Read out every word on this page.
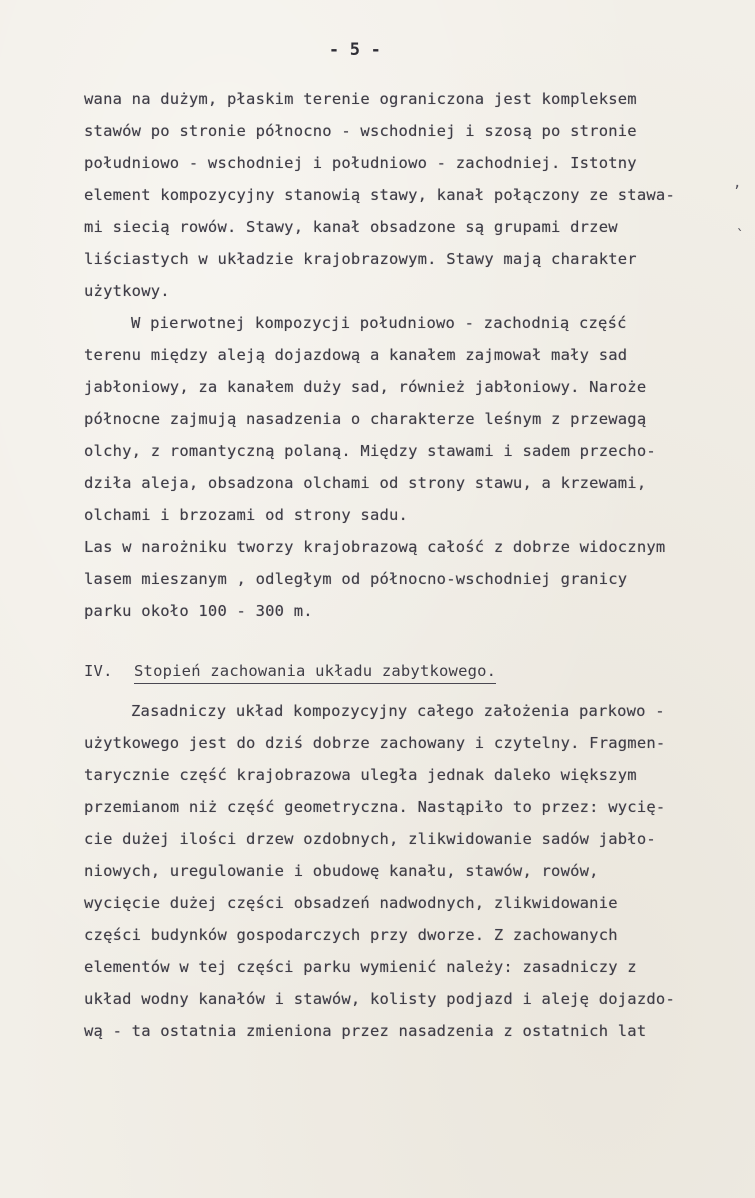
- 5 -
wana na dużym, płaskim terenie ograniczona jest kompleksem
stawów po stronie północno - wschodniej i szosą po stronie
południowo - wschodniej i południowo - zachodniej. Istotny
element kompozycyjny stanowią stawy, kanał połączony ze stawa-
mi siecią rowów. Stawy, kanał obsadzone są grupami drzew
liściastych w układzie krajobrazowym. Stawy mają charakter
użytkowy.
W pierwotnej kompozycji południowo - zachodnią część
terenu między aleją dojazdową a kanałem zajmował mały sad
jabłoniowy, za kanałem duży sad, również jabłoniowy. Naroże
północne zajmują nasadzenia o charakterze leśnym z przewagą
olchy, z romantyczną polaną. Między stawami i sadem przecho-
dziła aleja, obsadzona olchami od strony stawu, a krzewami,
olchami i brzozami od strony sadu.
Las w narożniku tworzy krajobrazową całość z dobrze widocznym
lasem mieszanym , odległym od północno-wschodniej granicy
parku około 100 - 300 m.
IV. Stopień zachowania układu zabytkowego.
Zasadniczy układ kompozycyjny całego założenia parkowo -
użytkowego jest do dziś dobrze zachowany i czytelny. Fragmen-
tarycznie część krajobrazowa uległa jednak daleko większym
przemianom niż część geometryczna. Nastąpiło to przez: wycię-
cie dużej ilości drzew ozdobnych, zlikwidowanie sadów jabło-
niowych, uregulowanie i obudowę kanału, stawów, rowów,
wycięcie dużej części obsadzeń nadwodnych, zlikwidowanie
części budynków gospodarczych przy dworze. Z zachowanych
elementów w tej części parku wymienić należy: zasadniczy z
układ wodny kanałów i stawów, kolisty podjazd i aleję dojazdo-
wą - ta ostatnia zmieniona przez nasadzenia z ostatnich lat
,
`
